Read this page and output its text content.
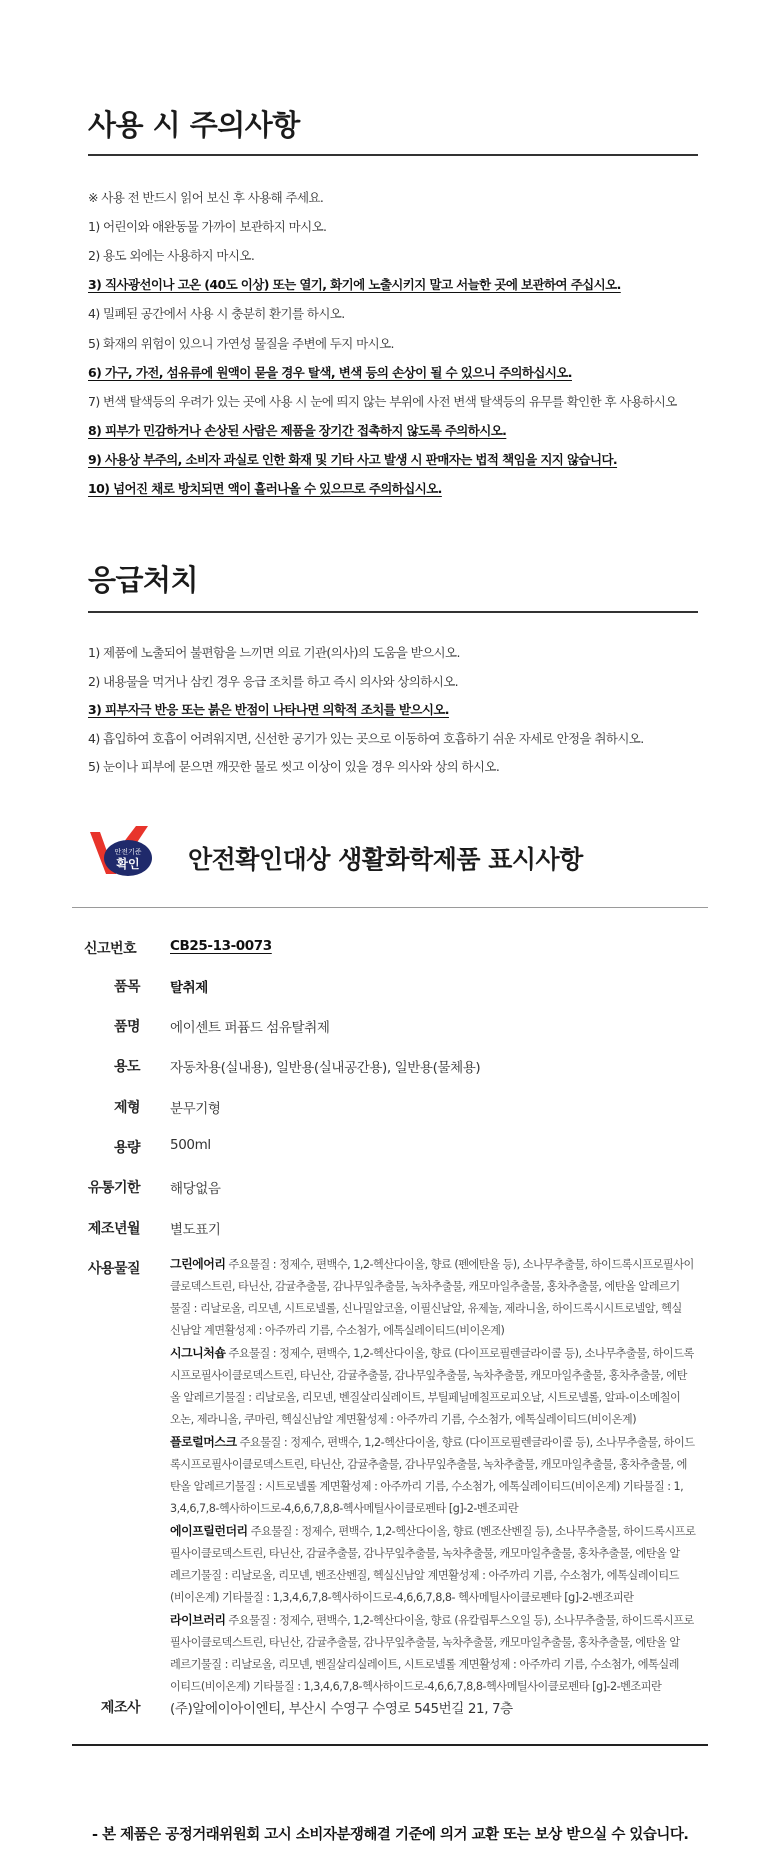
사용 시 주의사항
※ 사용 전 반드시 읽어 보신 후 사용해 주세요.
1) 어린이와 애완동물 가까이 보관하지 마시오.
2) 용도 외에는 사용하지 마시오.
3) 직사광선이나 고온 (40도 이상) 또는 열기, 화기에 노출시키지 말고 서늘한 곳에 보관하여 주십시오.
4) 밀폐된 공간에서 사용 시 충분히 환기를 하시오.
5) 화재의 위험이 있으니 가연성 물질을 주변에 두지 마시오.
6) 가구, 가전, 섬유류에 원액이 묻을 경우 탈색, 변색 등의 손상이 될 수 있으니 주의하십시오.
7) 변색 탈색등의 우려가 있는 곳에 사용 시 눈에 띄지 않는 부위에 사전 변색 탈색등의 유무를 확인한 후 사용하시오
8) 피부가 민감하거나 손상된 사람은 제품을 장기간 접촉하지 않도록 주의하시오.
9) 사용상 부주의, 소비자 과실로 인한 화재 및 기타 사고 발생 시 판매자는 법적 책임을 지지 않습니다.
10) 넘어진 채로 방치되면 액이 흘러나올 수 있으므로 주의하십시오.
응급처치
1) 제품에 노출되어 불편함을 느끼면 의료 기관(의사)의 도움을 받으시오.
2) 내용물을 먹거나 삼킨 경우 응급 조치를 하고 즉시 의사와 상의하시오.
3) 피부자극 반응 또는 붉은 반점이 나타나면 의학적 조치를 받으시오.
4) 흡입하여 호흡이 어려워지면, 신선한 공기가 있는 곳으로 이동하여 호흡하기 쉬운 자세로 안정을 취하시오.
5) 눈이나 피부에 묻으면 깨끗한 물로 씻고 이상이 있을 경우 의사와 상의 하시오.
안전기준
확인 안전확인대상 생활화학제품 표시사항
신고번호	CB25-13-0073
품목 탈취제
품명 에이센트 퍼퓸드 섬유탈취제
용도 자동차용(실내용), 일반용(실내공간용), 일반용(물체용)
제형 분무기형
용량 500ml
유통기한 해당없음
제조년월 별도표기
사용물질	그린에어리 주요물질 : 정제수, 편백수, 1,2-헥산다이올, 향료 (펜에탄올 등), 소나무추출물, 하이드록시프로필사이

클로덱스트린, 타닌산, 감귤추출물, 감나무잎추출물, 녹차추출물, 캐모마일추출물, 홍차추출물, 에탄올 알레르기

물질 : 리날로올, 리모넨, 시트로넬롤, 신나밀알코올, 이필신날알, 유제놀, 제라니올, 하이드록시시트로넬알, 헥실

신남알 계면활성제 : 아주까리 기름, 수소첨가, 에톡실레이티드(비이온계)

시그니처숍 주요물질 : 정제수, 편백수, 1,2-헥산다이올, 향료 (다이프로필렌글라이콜 등), 소나무추출물, 하이드록

시프로필사이클로덱스트린, 타닌산, 감귤추출물, 감나무잎추출물, 녹차추출물, 캐모마일추출물, 홍차추출물, 에탄

올 알레르기물질 : 리날로올, 리모넨, 벤질살리실레이트, 부틸페닐메칠프로피오날, 시트로넬롤, 알파-이소메칠이

오논, 제라니올, 쿠마린, 헥실신남알 계면활성제 : 아주까리 기름, 수소첨가, 에톡실레이티드(비이온계)

플로럴머스크 주요물질 : 정제수, 편백수, 1,2-헥산다이올, 향료 (다이프로필렌글라이콜 등), 소나무추출물, 하이드

록시프로필사이클로덱스트린, 타닌산, 감귤추출물, 감나무잎추출물, 녹차추출물, 캐모마일추출물, 홍차추출물, 에

탄올 알레르기물질 : 시트로넬롤 계면활성제 : 아주까리 기름, 수소첨가, 에톡실레이티드(비이온계) 기타물질 : 1,

3,4,6,7,8-헥사하이드로-4,6,6,7,8,8-헥사메틸사이클로펜타 [g]-2-벤조피란

에이프릴런더리 주요물질 : 정제수, 편백수, 1,2-헥산다이올, 향료 (벤조산벤질 등), 소나무추출물, 하이드록시프로

필사이클로덱스트린, 타닌산, 감귤추출물, 감나무잎추출물, 녹차추출물, 캐모마일추출물, 홍차추출물, 에탄올 알

레르기물질 : 리날로올, 리모넨, 벤조산벤질, 헥실신남알 계면활성제 : 아주까리 기름, 수소첨가, 에톡실레이티드

(비이온계) 기타물질 : 1,3,4,6,7,8-헥사하이드로-4,6,6,7,8,8- 헥사메틸사이클로펜타 [g]-2-벤조피란

라이브러리 주요물질 : 정제수, 편백수, 1,2-헥산다이올, 향료 (유칼립투스오일 등), 소나무추출물, 하이드록시프로

필사이클로덱스트린, 타닌산, 감귤추출물, 감나무잎추출물, 녹차추출물, 캐모마일추출물, 홍차추출물, 에탄올 알

레르기물질 : 리날로올, 리모넨, 벤질살리실레이트, 시트로넬롤 계면활성제 : 아주까리 기름, 수소첨가, 에톡실레

이티드(비이온계) 기타물질 : 1,3,4,6,7,8-헥사하이드로-4,6,6,7,8,8-헥사메틸사이클로펜타 [g]-2-벤조피란

제조사 (주)알에이아이엔티, 부산시 수영구 수영로 545번길 21, 7층
- 본 제품은 공정거래위원회 고시 소비자분쟁해결 기준에 의거 교환 또는 보상 받으실 수 있습니다.
